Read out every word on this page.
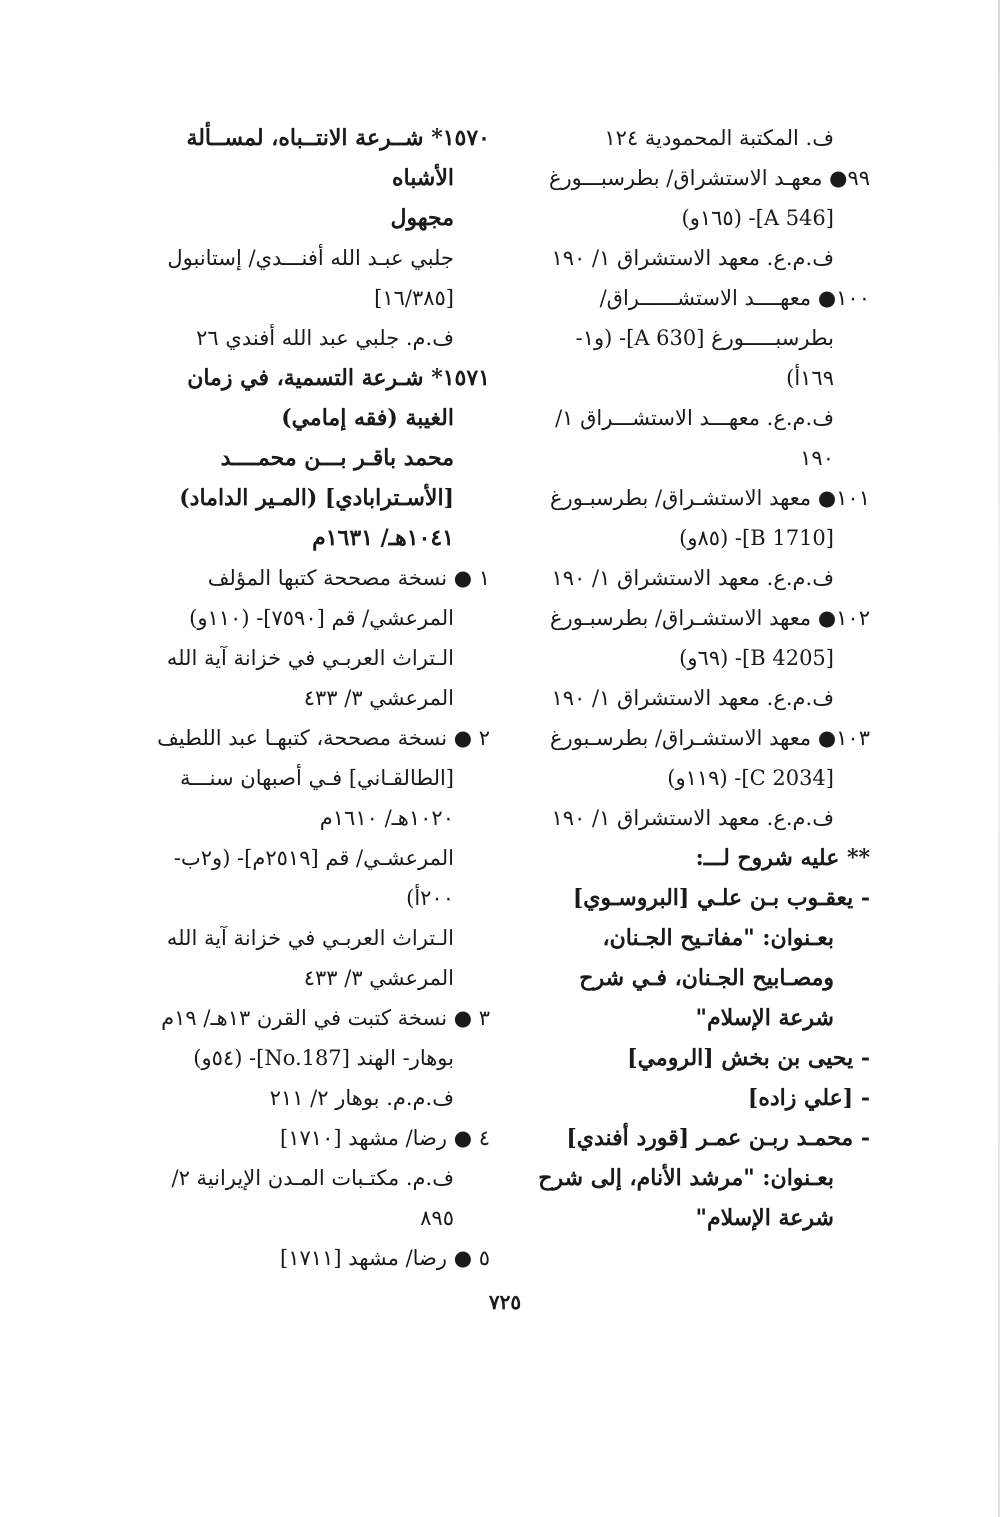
ف. المكتبة المحمودية ١٢٤
٩٩● معهـد الاستشراق/ بطرسبـــورغ
[A 546]- (١٦٥و)
ف.م.ع. معهد الاستشراق ١/ ١٩٠
١٠٠● معهــــد الاستشــــــراق/
بطرسبـــــورغ [A 630]- (و١-
١٦٩أ)
ف.م.ع. معهـــد الاستشـــراق ١/
١٩٠
١٠١● معهد الاستشـراق/ بطرسبـورغ
[B 1710]- (٨٥و)
ف.م.ع. معهد الاستشراق ١/ ١٩٠
١٠٢● معهد الاستشـراق/ بطرسبـورغ
[B 4205]- (٦٩و)
ف.م.ع. معهد الاستشراق ١/ ١٩٠
١٠٣● معهد الاستشـراق/ بطرسـبورغ
[C 2034]- (١١٩و)
ف.م.ع. معهد الاستشراق ١/ ١٩٠
** عليه شروح لـــ:
- يعقـوب بـن علـي [البروسـوي]
بعـنوان: "مفاتـيح الجـنان،
ومصـابيح الجـنان، فـي شرح
شرعة الإسلام"
- يحيى بن بخش [الرومي]
- [علي زاده]
- محمـد ربـن عمـر [قورد أفندي]
بعـنوان: "مرشد الأنام، إلى شرح
شرعة الإسلام"
١٥٧٠* شــرعة الانتــباه، لمســألة
الأشباه
مجهول
جلبي عبـد الله أفنـــدي/ إستانبول
[١٦/٣٨٥]
ف.م. جلبي عبد الله أفندي ٢٦
١٥٧١* شـرعة التسمية، في زمان
الغيبة (فقه إمامي)
محمد باقـر بـــن محمــــد
[الأسـترابادي] (المـير الداماد)
١٠٤١هـ/ ١٦٣١م
١ ● نسخة مصححة كتبها المؤلف
المرعشي/ قم [٧٥٩٠]- (١١٠و)
الـتراث العربـي في خزانة آية الله
المرعشي ٣/ ٤٣٣
٢ ● نسخة مصححة، كتبهـا عبد اللطيف
[الطالقـاني] فـي أصبهان سنـــة
١٠٢٠هـ/ ١٦١٠م
المرعشـي/ قم [٢٥١٩م]- (و٢ب-
٢٠٠أ)
الـتراث العربـي في خزانة آية الله
المرعشي ٣/ ٤٣٣
٣ ● نسخة كتبت في القرن ١٣هـ/ ١٩م
بوهار- الهند [No.187]- (٥٤و)
ف.م.م. بوهار ٢/ ٢١١
٤ ● رضا/ مشهد [١٧١٠]
ف.م. مكتـبات المـدن الإيرانية ٢/
٨٩٥
٥ ● رضا/ مشهد [١٧١١]
٧٢٥
